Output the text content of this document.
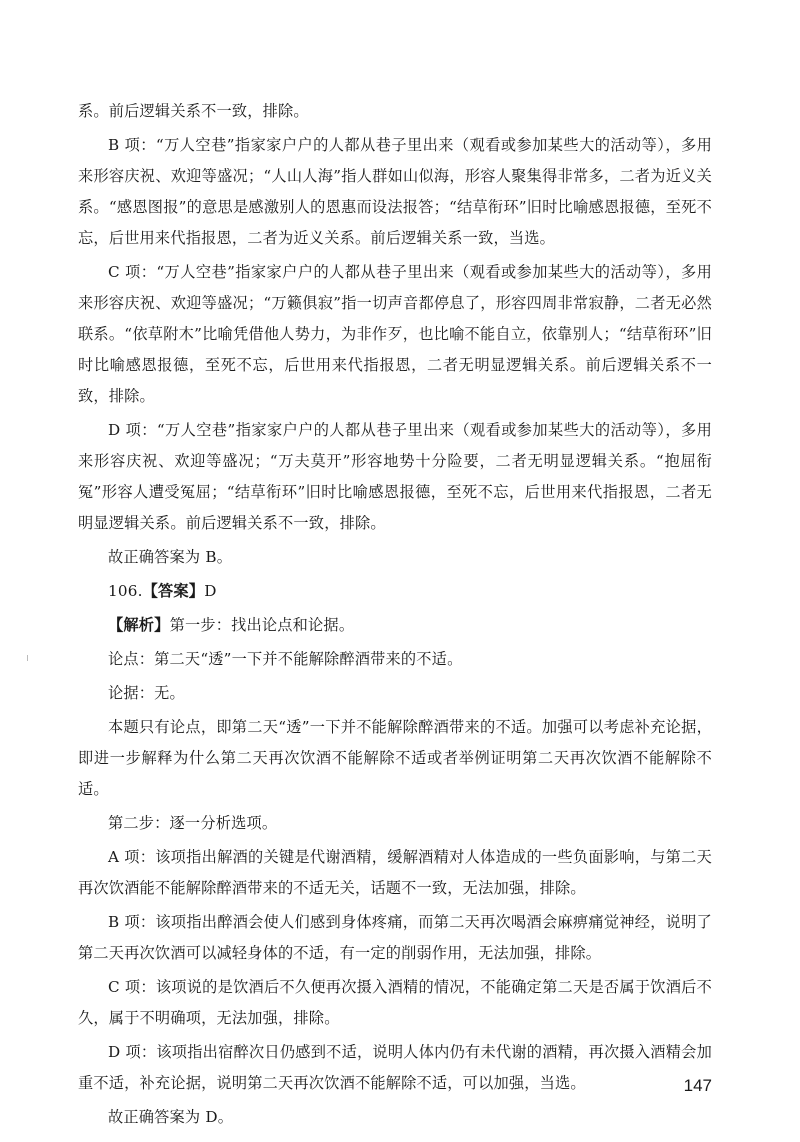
系。前后逻辑关系不一致，排除。

B 项：“万人空巷”指家家户户的人都从巷子里出来（观看或参加某些大的活动等），多用来形容庆祝、欢迎等盛况；“人山人海”指人群如山似海，形容人聚集得非常多，二者为近义关系。“感恩图报”的意思是感激别人的恩惠而设法报答；“结草衔环”旧时比喻感恩报德，至死不忘，后世用来代指报恩，二者为近义关系。前后逻辑关系一致，当选。

C 项：“万人空巷”指家家户户的人都从巷子里出来（观看或参加某些大的活动等），多用来形容庆祝、欢迎等盛况；“万籁俱寂”指一切声音都停息了，形容四周非常寂静，二者无必然联系。“依草附木”比喻凭借他人势力，为非作歹，也比喻不能自立，依靠别人；“结草衔环”旧时比喻感恩报德，至死不忘，后世用来代指报恩，二者无明显逻辑关系。前后逻辑关系不一致，排除。

D 项：“万人空巷”指家家户户的人都从巷子里出来（观看或参加某些大的活动等），多用来形容庆祝、欢迎等盛况；“万夫莫开”形容地势十分险要，二者无明显逻辑关系。“抱屈衔冤”形容人遭受冤屈；“结草衔环”旧时比喻感恩报德，至死不忘，后世用来代指报恩，二者无明显逻辑关系。前后逻辑关系不一致，排除。

故正确答案为 B。

106.【答案】D

【解析】第一步：找出论点和论据。

论点：第二天“透”一下并不能解除醉酒带来的不适。

论据：无。

本题只有论点，即第二天“透”一下并不能解除醉酒带来的不适。加强可以考虑补充论据，即进一步解释为什么第二天再次饮酒不能解除不适或者举例证明第二天再次饮酒不能解除不适。

第二步：逐一分析选项。

A 项：该项指出解酒的关键是代谢酒精，缓解酒精对人体造成的一些负面影响，与第二天再次饮酒能不能解除醉酒带来的不适无关，话题不一致，无法加强，排除。

B 项：该项指出醉酒会使人们感到身体疼痛，而第二天再次喝酒会麻痹痛觉神经，说明了第二天再次饮酒可以减轻身体的不适，有一定的削弱作用，无法加强，排除。

C 项：该项说的是饮酒后不久便再次摄入酒精的情况，不能确定第二天是否属于饮酒后不久，属于不明确项，无法加强，排除。

D 项：该项指出宿醉次日仍感到不适，说明人体内仍有未代谢的酒精，再次摄入酒精会加重不适，补充论据，说明第二天再次饮酒不能解除不适，可以加强，当选。

故正确答案为 D。

147
